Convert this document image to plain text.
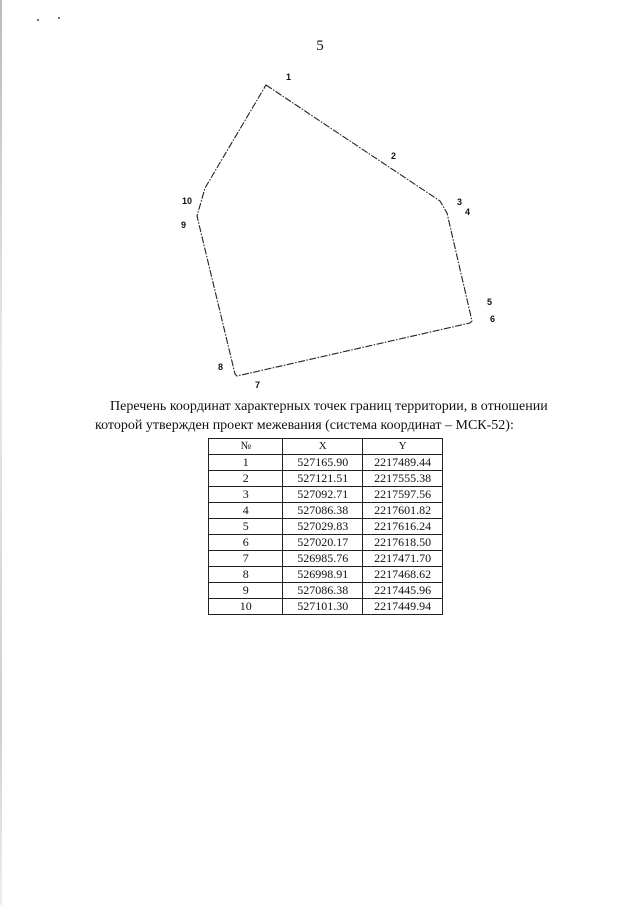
5
1
2
3
4
5
6
7
8
9
10
Перечень координат характерных точек границ территории, в отношении
которой утвержден проект межевания (система координат – МСК-52):
№	X	Y
1	527165.90	2217489.44
2	527121.51	2217555.38
3	527092.71	2217597.56
4	527086.38	2217601.82
5	527029.83	2217616.24
6	527020.17	2217618.50
7	526985.76	2217471.70
8	526998.91	2217468.62
9	527086.38	2217445.96
10	527101.30	2217449.94
